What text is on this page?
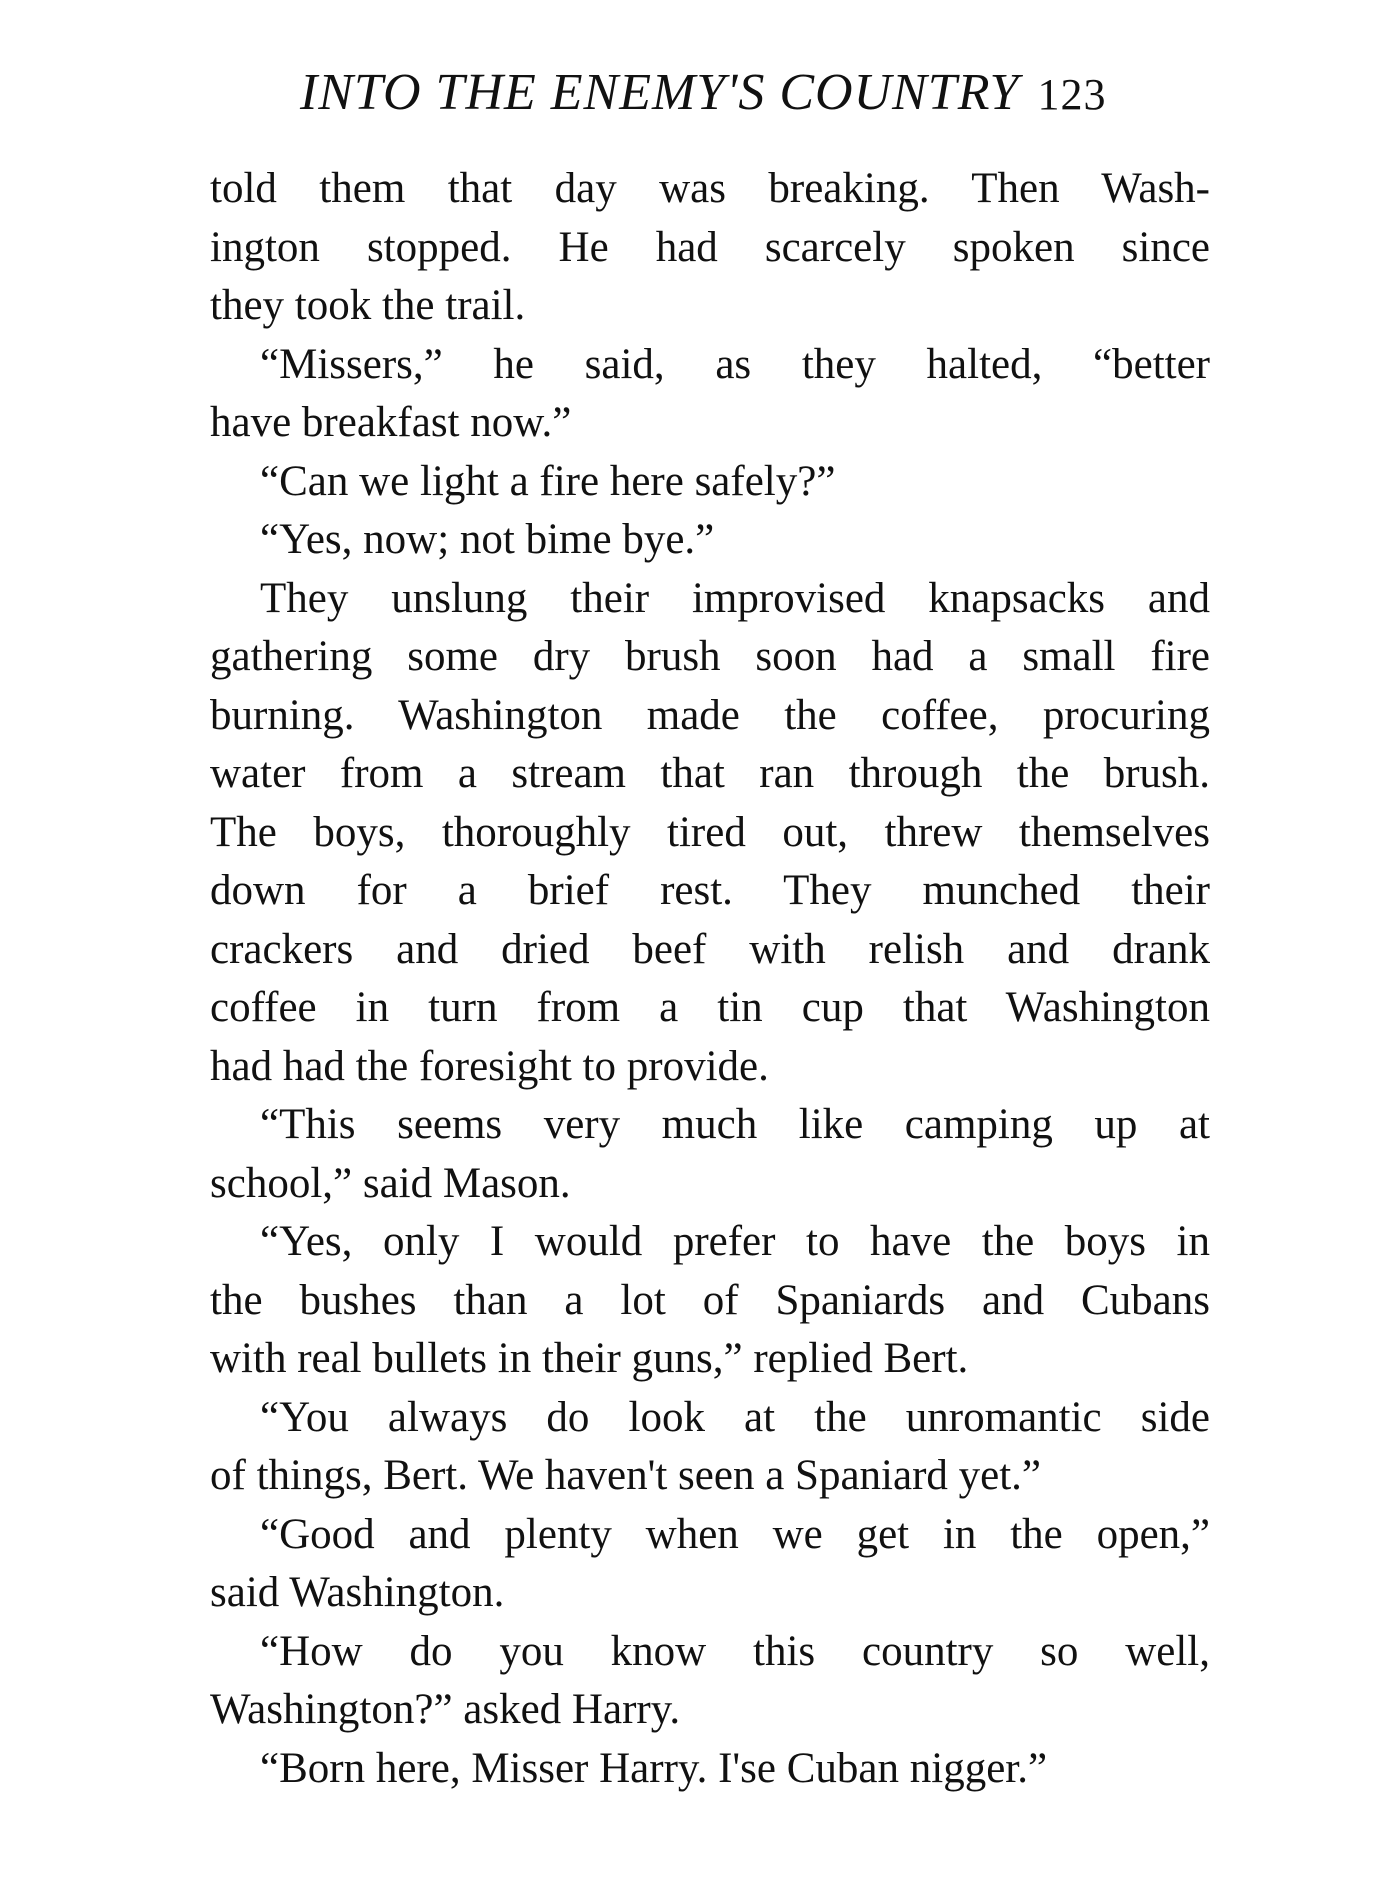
INTO THE ENEMY'S COUNTRY 123
told them that day was breaking. Then Wash-
ington stopped. He had scarcely spoken since
they took the trail.
“Missers,” he said, as they halted, “better
have breakfast now.”
“Can we light a fire here safely?”
“Yes, now; not bime bye.”
They unslung their improvised knapsacks and
gathering some dry brush soon had a small fire
burning. Washington made the coffee, procuring
water from a stream that ran through the brush.
The boys, thoroughly tired out, threw themselves
down for a brief rest. They munched their
crackers and dried beef with relish and drank
coffee in turn from a tin cup that Washington
had had the foresight to provide.
“This seems very much like camping up at
school,” said Mason.
“Yes, only I would prefer to have the boys in
the bushes than a lot of Spaniards and Cubans
with real bullets in their guns,” replied Bert.
“You always do look at the unromantic side
of things, Bert. We haven't seen a Spaniard yet.”
“Good and plenty when we get in the open,”
said Washington.
“How do you know this country so well,
Washington?” asked Harry.
“Born here, Misser Harry. I'se Cuban nigger.”
